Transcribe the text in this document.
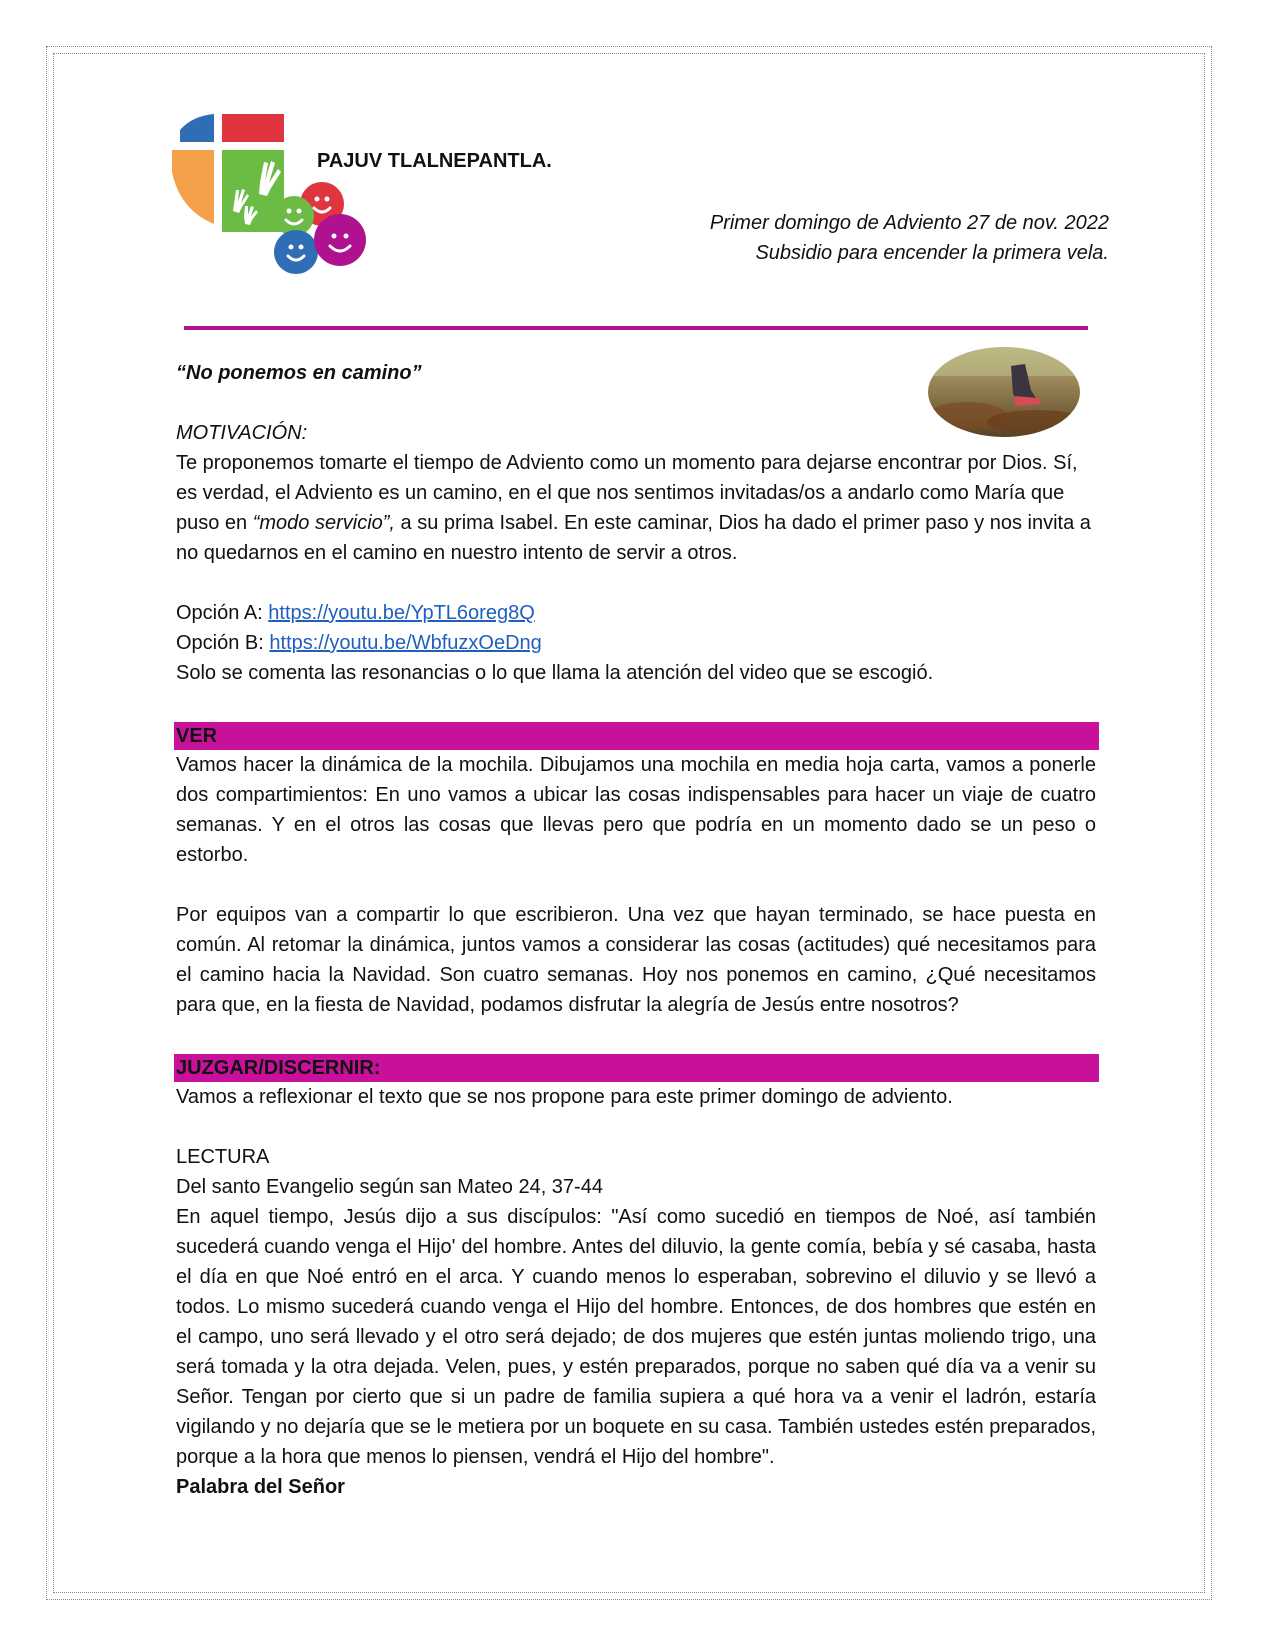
PAJUV TLALNEPANTLA.
Primer domingo de Adviento 27 de nov. 2022
Subsidio para encender la primera vela.

“No ponemos en camino”

MOTIVACIÓN:

Te proponemos tomarte el tiempo de Adviento como un momento para dejarse encontrar por Dios. Sí, es verdad, el Adviento es un camino, en el que nos sentimos invitadas/os a andarlo como María que puso en “modo servicio”, a su prima Isabel. En este caminar, Dios ha dado el primer paso y nos invita a no quedarnos en el camino en nuestro intento de servir a otros.

Opción A: https://youtu.be/YpTL6oreg8Q

Opción B: https://youtu.be/WbfuzxOeDng

Solo se comenta las resonancias o lo que llama la atención del video que se escogió.

VER

Vamos hacer la dinámica de la mochila. Dibujamos una mochila en media hoja carta, vamos a ponerle dos compartimientos: En uno vamos a ubicar las cosas indispensables para hacer un viaje de cuatro semanas. Y en el otros las cosas que llevas pero que podría en un momento dado se un peso o estorbo.

Por equipos van a compartir lo que escribieron. Una vez que hayan terminado, se hace puesta en común. Al retomar la dinámica, juntos vamos a considerar las cosas (actitudes) qué necesitamos para el camino hacia la Navidad. Son cuatro semanas. Hoy nos ponemos en camino, ¿Qué necesitamos para que, en la fiesta de Navidad, podamos disfrutar la alegría de Jesús entre nosotros?

JUZGAR/DISCERNIR:

Vamos a reflexionar el texto que se nos propone para este primer domingo de adviento.

LECTURA

Del santo Evangelio según san Mateo 24, 37-44

En aquel tiempo, Jesús dijo a sus discípulos: "Así como sucedió en tiempos de Noé, así también sucederá cuando venga el Hijo' del hombre. Antes del diluvio, la gente comía, bebía y sé casaba, hasta el día en que Noé entró en el arca. Y cuando menos lo esperaban, sobrevino el diluvio y se llevó a todos. Lo mismo sucederá cuando venga el Hijo del hombre. Entonces, de dos hombres que estén en el campo, uno será llevado y el otro será dejado; de dos mujeres que estén juntas moliendo trigo, una será tomada y la otra dejada. Velen, pues, y estén preparados, porque no saben qué día va a venir su Señor. Tengan por cierto que si un padre de familia supiera a qué hora va a venir el ladrón, estaría vigilando y no dejaría que se le metiera por un boquete en su casa. También ustedes estén preparados, porque a la hora que menos lo piensen, vendrá el Hijo del hombre".

Palabra del Señor
